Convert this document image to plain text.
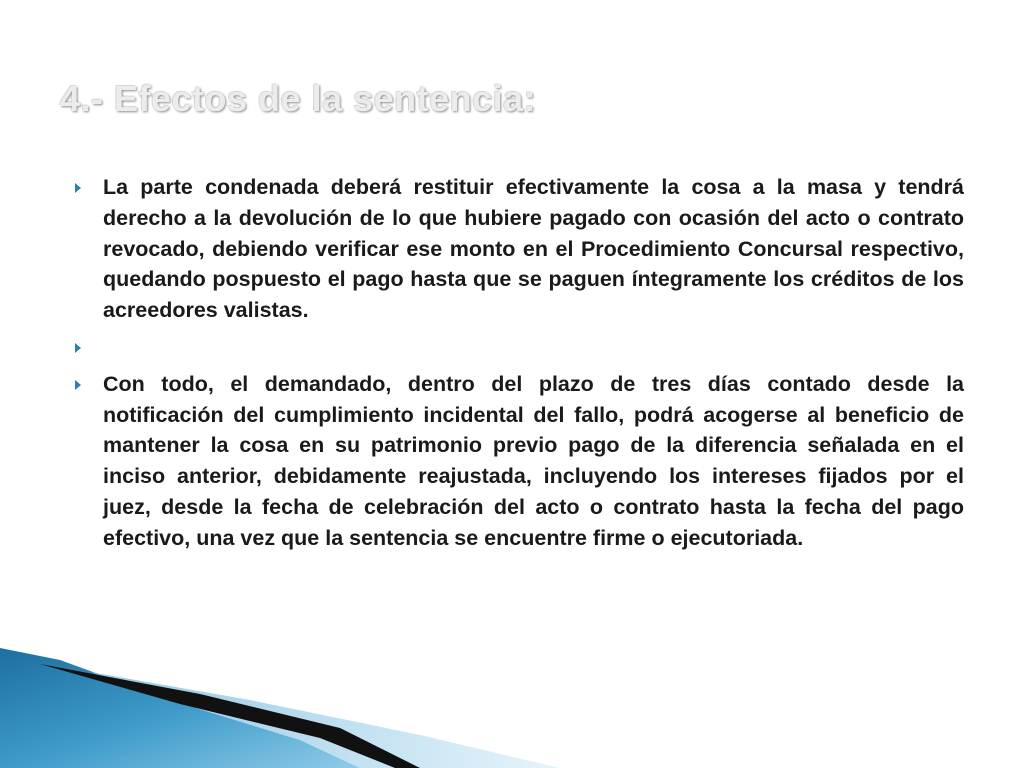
4.- Efectos de la sentencia:
La parte condenada deberá restituir efectivamente la cosa a la masa y tendrá derecho a la devolución de lo que hubiere pagado con ocasión del acto o contrato revocado, debiendo verificar ese monto en el Procedimiento Concursal respectivo, quedando pospuesto el pago hasta que se paguen íntegramente los créditos de los acreedores valistas.
Con todo, el demandado, dentro del plazo de tres días contado desde la notificación del cumplimiento incidental del fallo, podrá acogerse al beneficio de mantener la cosa en su patrimonio previo pago de la diferencia señalada en el inciso anterior, debidamente reajustada, incluyendo los intereses fijados por el juez, desde la fecha de celebración del acto o contrato hasta la fecha del pago efectivo, una vez que la sentencia se encuentre firme o ejecutoriada.
